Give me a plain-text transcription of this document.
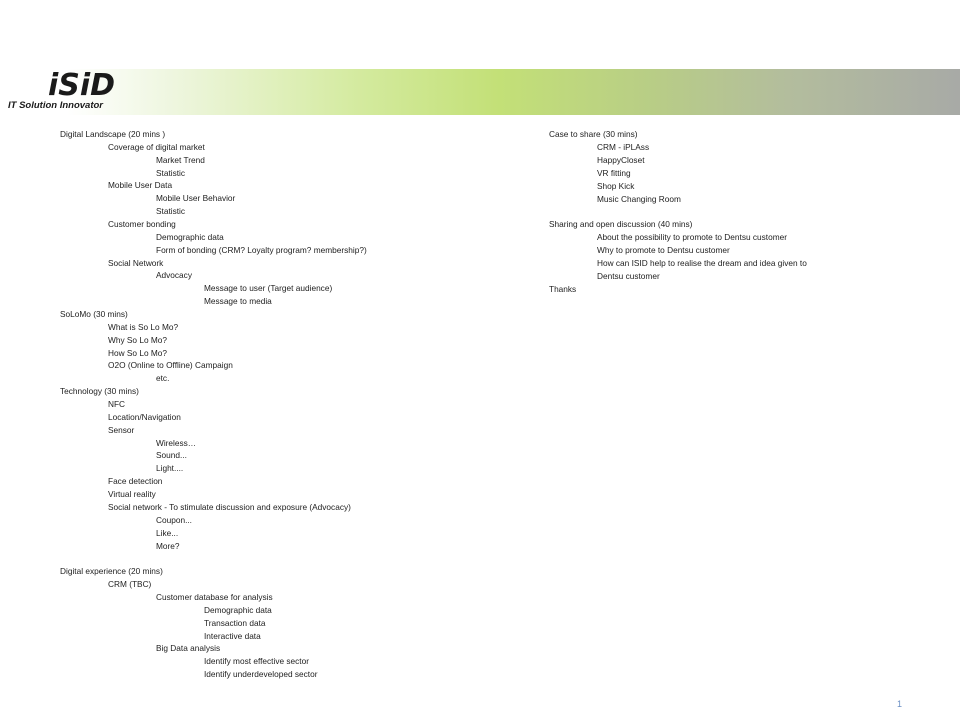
iSiD
IT Solution Innovator
Digital Landscape (20 mins )
Coverage of digital market
Market Trend
Statistic
Mobile User Data
Mobile User Behavior
Statistic
Customer bonding
Demographic data
Form of bonding (CRM? Loyalty program? membership?)
Social Network
Advocacy
Message to user (Target audience)
Message to media
SoLoMo (30 mins)
What is So Lo Mo?
Why So Lo Mo?
How So Lo Mo?
O2O (Online to Offline) Campaign
etc.
Technology (30 mins)
NFC
Location/Navigation
Sensor
Wireless…
Sound...
Light....
Face detection
Virtual reality
Social network - To stimulate discussion and exposure (Advocacy)
Coupon...
Like...
More?
Digital experience (20 mins)
CRM (TBC)
Customer database for analysis
Demographic data
Transaction data
Interactive data
Big Data analysis
Identify most effective sector
Identify underdeveloped sector
Case to share (30 mins)
CRM - iPLAss
HappyCloset
VR fitting
Shop Kick
Music Changing Room
Sharing and open discussion (40 mins)
About the possibility to promote to Dentsu customer
Why to promote to Dentsu customer
How can ISID help to realise the dream and idea given to
Dentsu customer
Thanks
1
